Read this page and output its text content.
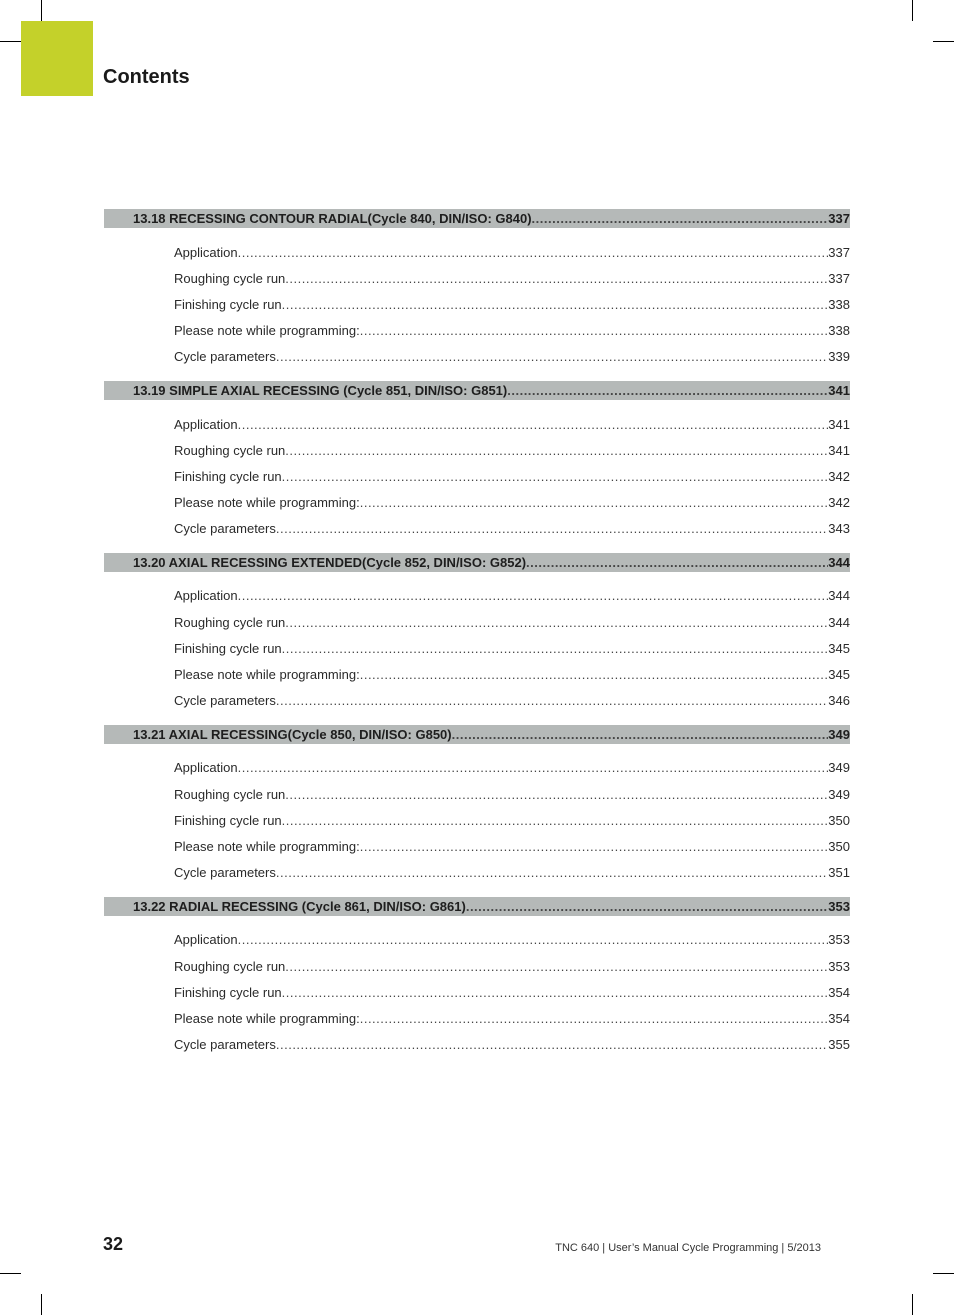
Contents
13.18 RECESSING CONTOUR RADIAL(Cycle 840, DIN/ISO: G840) .....	337
Application .....	337
Roughing cycle run .....	337
Finishing cycle run .....	338
Please note while programming: .....	338
Cycle parameters .....	339
13.19 SIMPLE AXIAL RECESSING (Cycle 851, DIN/ISO: G851) .....	341
Application .....	341
Roughing cycle run .....	341
Finishing cycle run .....	342
Please note while programming: .....	342
Cycle parameters .....	343
13.20 AXIAL RECESSING EXTENDED(Cycle 852, DIN/ISO: G852) .....	344
Application .....	344
Roughing cycle run .....	344
Finishing cycle run .....	345
Please note while programming: .....	345
Cycle parameters .....	346
13.21 AXIAL RECESSING(Cycle 850, DIN/ISO: G850) .....	349
Application .....	349
Roughing cycle run .....	349
Finishing cycle run .....	350
Please note while programming: .....	350
Cycle parameters .....	351
13.22 RADIAL RECESSING (Cycle 861, DIN/ISO: G861) .....	353
Application .....	353
Roughing cycle run .....	353
Finishing cycle run .....	354
Please note while programming: .....	354
Cycle parameters .....	355
32	TNC 640 | User’s Manual Cycle Programming | 5/2013
